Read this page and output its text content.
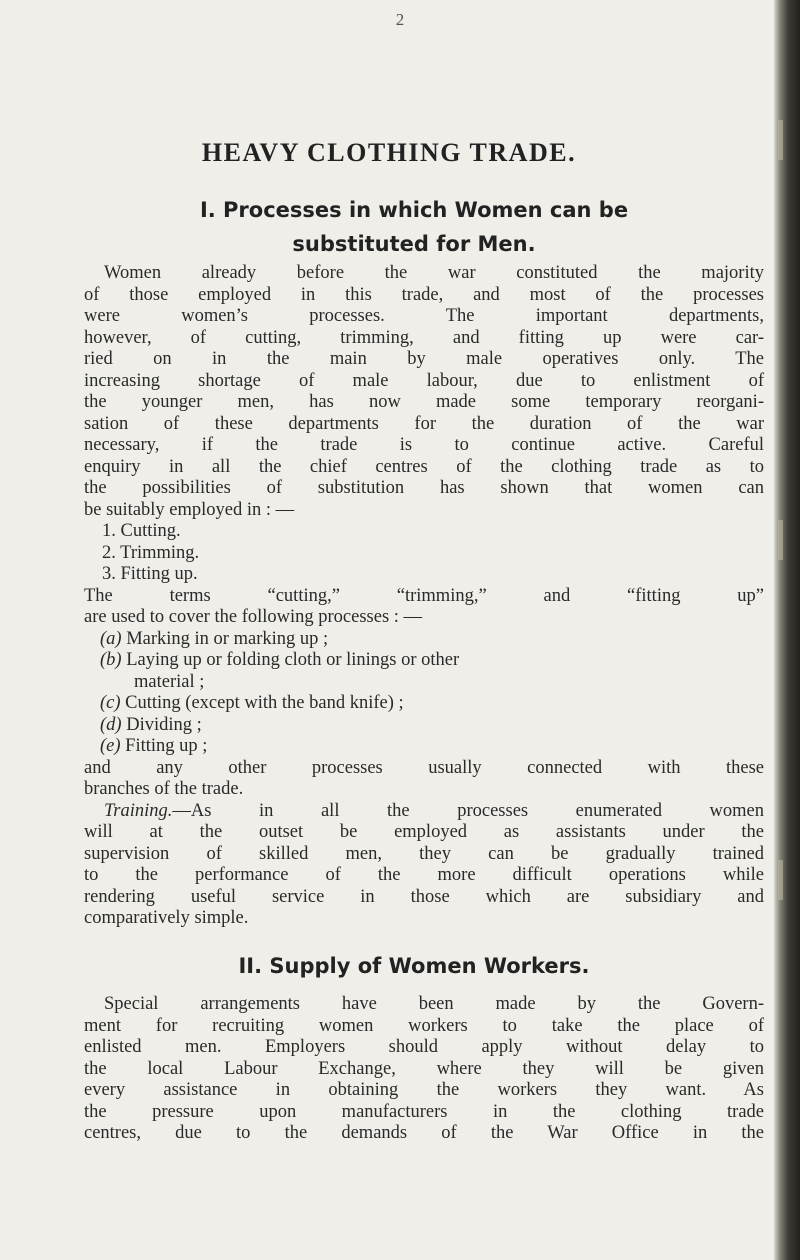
2
HEAVY CLOTHING TRADE.
I. Processes in which Women can be
substituted for Men.
Women already before the war constituted the majority
of those employed in this trade, and most of the processes
were women’s processes. The important departments,
however, of cutting, trimming, and fitting up were car-
ried on in the main by male operatives only. The
increasing shortage of male labour, due to enlistment of
the younger men, has now made some temporary reorgani-
sation of these departments for the duration of the war
necessary, if the trade is to continue active. Careful
enquiry in all the chief centres of the clothing trade as to
the possibilities of substitution has shown that women can
be suitably employed in : —
1. Cutting.
2. Trimming.
3. Fitting up.
The terms “cutting,” “trimming,” and “fitting up”
are used to cover the following processes : —
(a) Marking in or marking up ;
(b) Laying up or folding cloth or linings or other
material ;
(c) Cutting (except with the band knife) ;
(d) Dividing ;
(e) Fitting up ;
and any other processes usually connected with these
branches of the trade.
Training.—As in all the processes enumerated women
will at the outset be employed as assistants under the
supervision of skilled men, they can be gradually trained
to the performance of the more difficult operations while
rendering useful service in those which are subsidiary and
comparatively simple.
II. Supply of Women Workers.
Special arrangements have been made by the Govern-
ment for recruiting women workers to take the place of
enlisted men. Employers should apply without delay to
the local Labour Exchange, where they will be given
every assistance in obtaining the workers they want. As
the pressure upon manufacturers in the clothing trade
centres, due to the demands of the War Office in the
